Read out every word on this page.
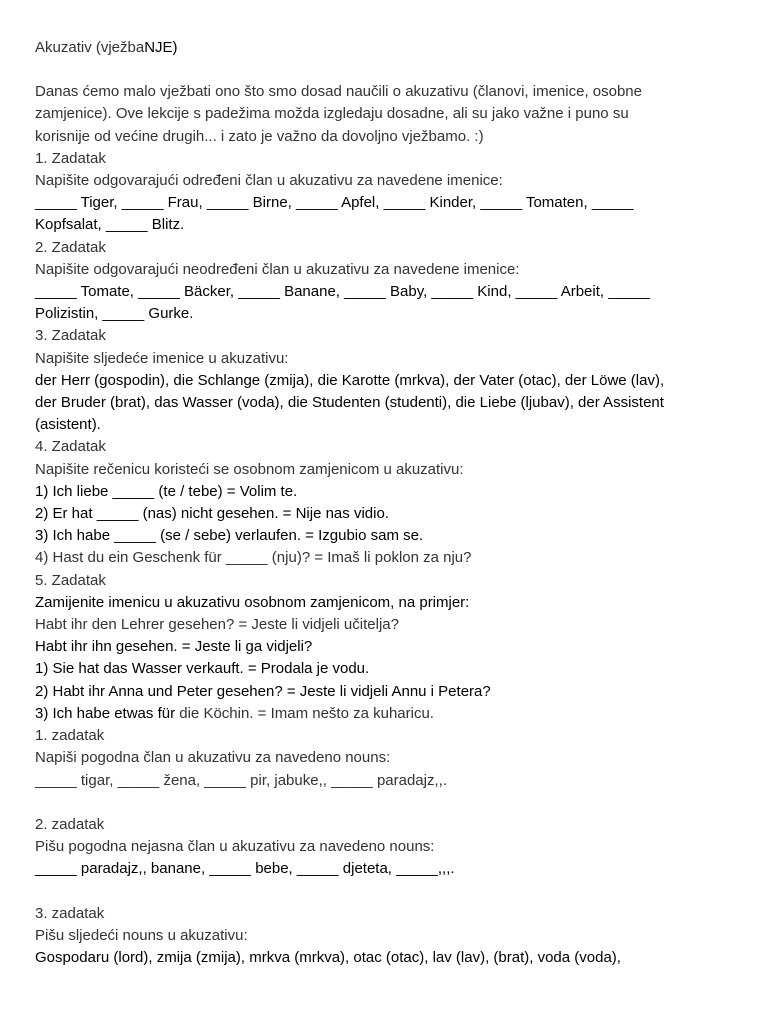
Akuzativ (vježbaNJE)

Danas ćemo malo vježbati ono što smo dosad naučili o akuzativu (članovi, imenice, osobne

zamjenice). Ove lekcije s padežima možda izgledaju dosadne, ali su jako važne i puno su

korisnije od većine drugih... i zato je važno da dovoljno vježbamo. :)

1. Zadatak

Napišite odgovarajući određeni član u akuzativu za navedene imenice:

_____ Tiger, _____ Frau, _____ Birne, _____ Apfel, _____ Kinder, _____ Tomaten, _____

Kopfsalat, _____ Blitz.

2. Zadatak

Napišite odgovarajući neodređeni član u akuzativu za navedene imenice:

_____ Tomate, _____ Bäcker, _____ Banane, _____ Baby, _____ Kind, _____ Arbeit, _____

Polizistin, _____ Gurke.

3. Zadatak

Napišite sljedeće imenice u akuzativu:

der Herr (gospodin), die Schlange (zmija), die Karotte (mrkva), der Vater (otac), der Löwe (lav),

der Bruder (brat), das Wasser (voda), die Studenten (studenti), die Liebe (ljubav), der Assistent

(asistent).

4. Zadatak

Napišite rečenicu koristeći se osobnom zamjenicom u akuzativu:

1) Ich liebe _____ (te / tebe) = Volim te.

2) Er hat _____ (nas) nicht gesehen. = Nije nas vidio.

3) Ich habe _____ (se / sebe) verlaufen. = Izgubio sam se.

4) Hast du ein Geschenk für _____ (nju)? = Imaš li poklon za nju?

5. Zadatak

Zamijenite imenicu u akuzativu osobnom zamjenicom, na primjer:

Habt ihr den Lehrer gesehen? = Jeste li vidjeli učitelja?

Habt ihr ihn gesehen. = Jeste li ga vidjeli?

1) Sie hat das Wasser verkauft. = Prodala je vodu.

2) Habt ihr Anna und Peter gesehen? = Jeste li vidjeli Annu i Petera?

3) Ich habe etwas für die Köchin. = Imam nešto za kuharicu.

1. zadatak

Napiši pogodna član u akuzativu za navedeno nouns:

_____ tigar, _____ žena, _____ pir, jabuke,, _____ paradajz,,.

2. zadatak

Pišu pogodna nejasna član u akuzativu za navedeno nouns:

_____ paradajz,, banane, _____ bebe, _____ djeteta, _____,,,.

3. zadatak

Pišu sljedeći nouns u akuzativu:

Gospodaru (lord), zmija (zmija), mrkva (mrkva), otac (otac), lav (lav), (brat), voda (voda),
